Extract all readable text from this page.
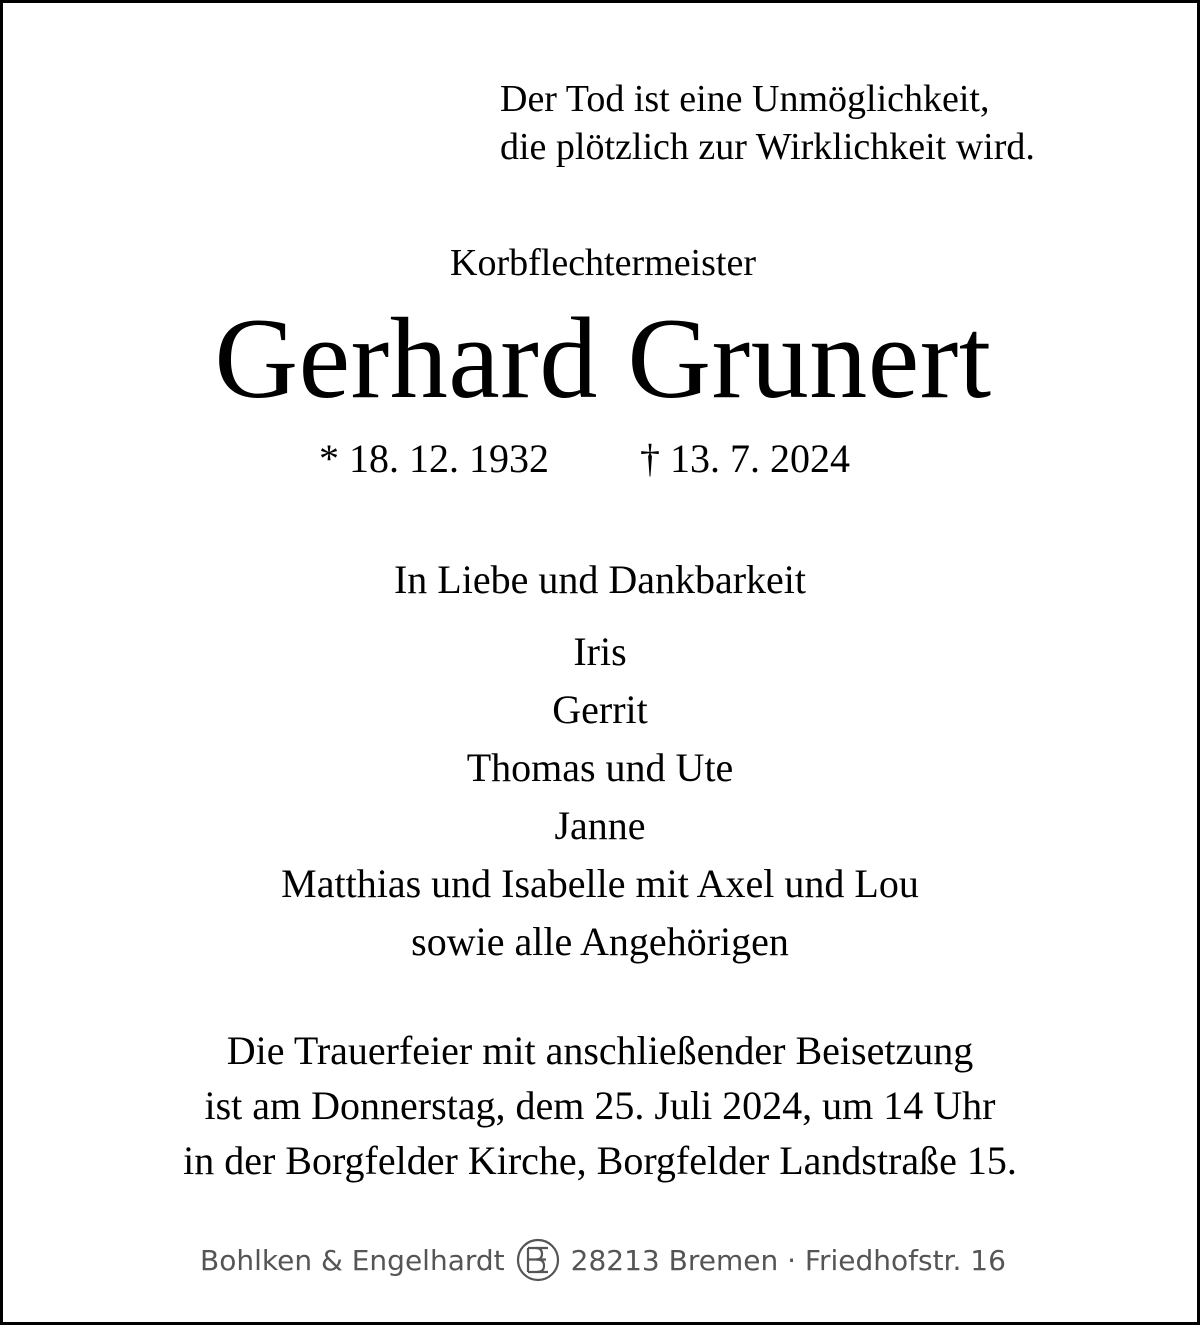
Der Tod ist eine Unmöglichkeit,
die plötzlich zur Wirklichkeit wird.
Korbflechtermeister
Gerhard Grunert
* 18. 12. 1932 † 13. 7. 2024
In Liebe und Dankbarkeit
Iris
Gerrit
Thomas und Ute
Janne
Matthias und Isabelle mit Axel und Lou
sowie alle Angehörigen
Die Trauerfeier mit anschließender Beisetzung
ist am Donnerstag, dem 25. Juli 2024, um 14 Uhr
in der Borgfelder Kirche, Borgfelder Landstraße 15.
Bohlken & Engelhardt 28213 Bremen · Friedhofstr. 16
